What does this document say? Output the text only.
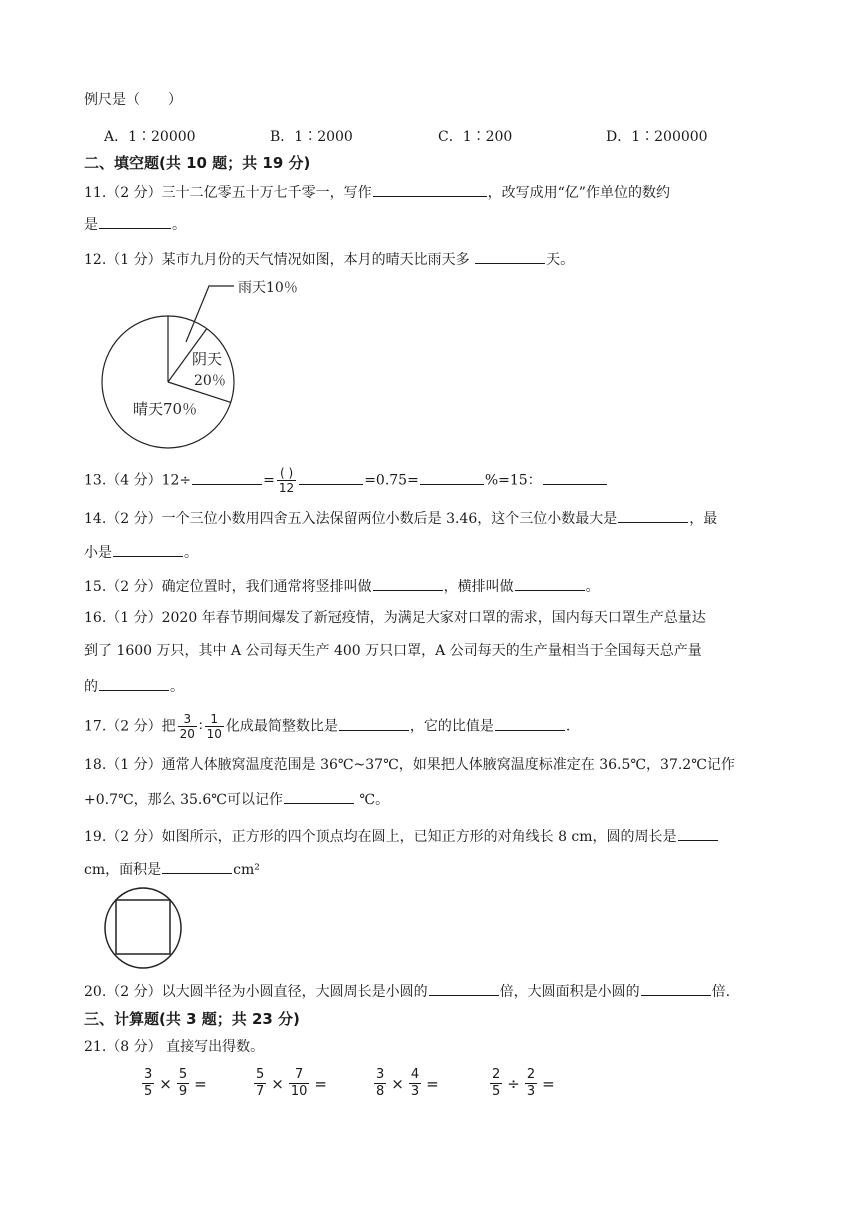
例尺是（　　）
A．1∶20000	B．1∶2000	C．1∶200	D．1∶200000
二、填空题(共 10 题；共 19 分)
11.（2 分）三十二亿零五十万七千零一，写作	，改写成用“亿”作单位的数约
是	。
12.（1 分）某市九月份的天气情况如图，本月的晴天比雨天多	天。
雨天10％
阴天
20％
晴天70％
13.（4 分）12÷	= $\frac{( )}{12}$	=0.75=	%=15：
14.（2 分）一个三位小数用四舍五入法保留两位小数后是 3.46，这个三位小数最大是	，最
小是	。
15.（2 分）确定位置时，我们通常将竖排叫做	，横排叫做	。
16.（1 分）2020 年春节期间爆发了新冠疫情，为满足大家对口罩的需求，国内每天口罩生产总量达
到了 1600 万只，其中 A 公司每天生产 400 万只口罩，A 公司每天的生产量相当于全国每天总产量
的	。
17.（2 分）把 $\frac{3}{20}$ ∶ $\frac{1}{10}$ 化成最简整数比是	，它的比值是	.
18.（1 分）通常人体腋窝温度范围是 36℃~37℃，如果把人体腋窝温度标准定在 36.5℃，37.2℃记作
+0.7℃，那么 35.6℃可以记作	℃。
19.（2 分）如图所示，正方形的四个顶点均在圆上，已知正方形的对角线长 8 cm，圆的周长是
cm，面积是	cm²
20.（2 分）以大圆半径为小圆直径，大圆周长是小圆的	倍，大圆面积是小圆的	倍.
三、计算题(共 3 题；共 23 分)
21.（8 分） 直接写出得数。
$\frac{3}{5} \times \frac{5}{9}$ =	$\frac{5}{7} \times \frac{7}{10}$ =	$\frac{3}{8} \times \frac{4}{3}$ =	$\frac{2}{5} \div \frac{2}{3}$ =
